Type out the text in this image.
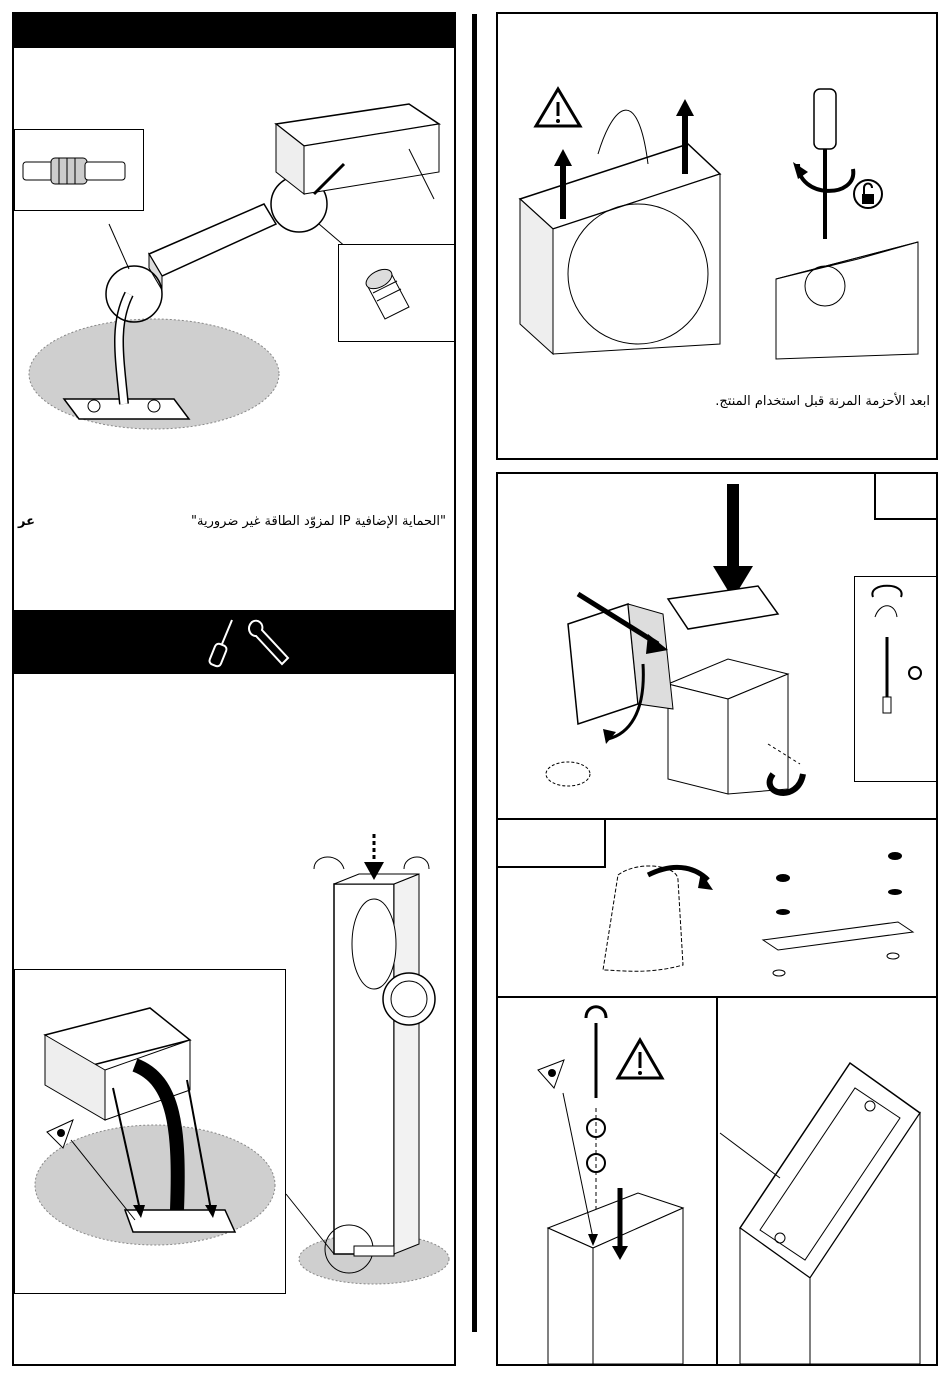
"الحماية الإضافية IP لمزوّد الطاقة غير ضرورية"
عر
ابعد الأحزمة المرنة قبل استخدام المنتج.
